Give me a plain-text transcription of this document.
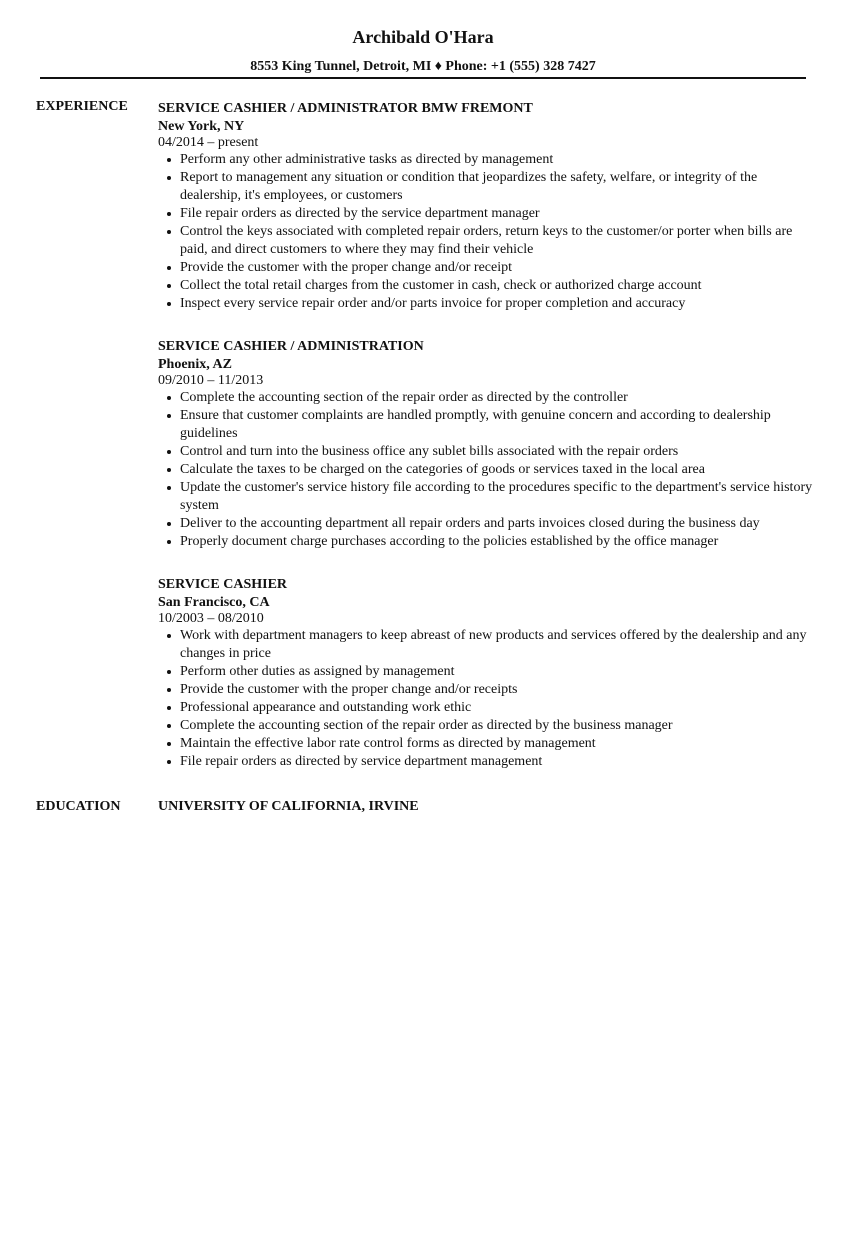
Archibald O'Hara
8553 King Tunnel, Detroit, MI ♦ Phone: +1 (555) 328 7427
EXPERIENCE SERVICE CASHIER / ADMINISTRATOR BMW FREMONT
New York, NY
04/2014 – present
Perform any other administrative tasks as directed by management
Report to management any situation or condition that jeopardizes the safety, welfare, or integrity of the dealership, it's employees, or customers
File repair orders as directed by the service department manager
Control the keys associated with completed repair orders, return keys to the customer/or porter when bills are paid, and direct customers to where they may find their vehicle
Provide the customer with the proper change and/or receipt
Collect the total retail charges from the customer in cash, check or authorized charge account
Inspect every service repair order and/or parts invoice for proper completion and accuracy
SERVICE CASHIER / ADMINISTRATION
Phoenix, AZ
09/2010 – 11/2013
Complete the accounting section of the repair order as directed by the controller
Ensure that customer complaints are handled promptly, with genuine concern and according to dealership guidelines
Control and turn into the business office any sublet bills associated with the repair orders
Calculate the taxes to be charged on the categories of goods or services taxed in the local area
Update the customer's service history file according to the procedures specific to the department's service history system
Deliver to the accounting department all repair orders and parts invoices closed during the business day
Properly document charge purchases according to the policies established by the office manager
SERVICE CASHIER
San Francisco, CA
10/2003 – 08/2010
Work with department managers to keep abreast of new products and services offered by the dealership and any changes in price
Perform other duties as assigned by management
Provide the customer with the proper change and/or receipts
Professional appearance and outstanding work ethic
Complete the accounting section of the repair order as directed by the business manager
Maintain the effective labor rate control forms as directed by management
File repair orders as directed by service department management
EDUCATION	UNIVERSITY OF CALIFORNIA, IRVINE
